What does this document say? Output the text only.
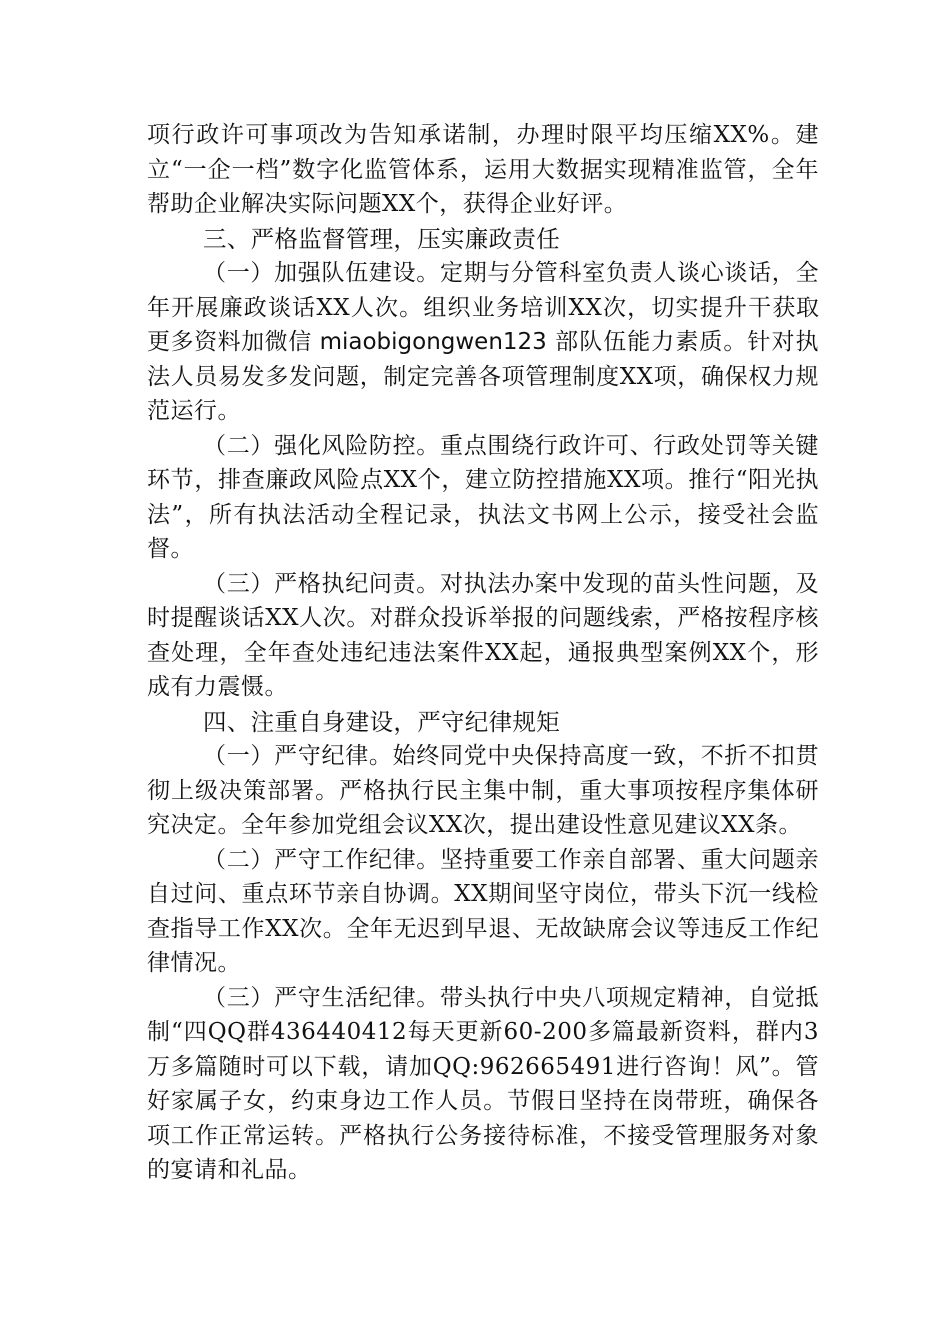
项行政许可事项改为告知承诺制，办理时限平均压缩XX%。建立“一企一档”数字化监管体系，运用大数据实现精准监管，全年帮助企业解决实际问题XX个，获得企业好评。

三、严格监督管理，压实廉政责任

（一）加强队伍建设。定期与分管科室负责人谈心谈话，全年开展廉政谈话XX人次。组织业务培训XX次，切实提升干获取更多资料加微信 miaobigongwen123 部队伍能力素质。针对执法人员易发多发问题，制定完善各项管理制度XX项，确保权力规范运行。

（二）强化风险防控。重点围绕行政许可、行政处罚等关键环节，排查廉政风险点XX个，建立防控措施XX项。推行“阳光执法”，所有执法活动全程记录，执法文书网上公示，接受社会监督。

（三）严格执纪问责。对执法办案中发现的苗头性问题，及时提醒谈话XX人次。对群众投诉举报的问题线索，严格按程序核查处理，全年查处违纪违法案件XX起，通报典型案例XX个，形成有力震慑。

四、注重自身建设，严守纪律规矩

（一）严守纪律。始终同党中央保持高度一致，不折不扣贯彻上级决策部署。严格执行民主集中制，重大事项按程序集体研究决定。全年参加党组会议XX次，提出建设性意见建议XX条。

（二）严守工作纪律。坚持重要工作亲自部署、重大问题亲自过问、重点环节亲自协调。XX期间坚守岗位，带头下沉一线检查指导工作XX次。全年无迟到早退、无故缺席会议等违反工作纪律情况。

（三）严守生活纪律。带头执行中央八项规定精神，自觉抵制“四QQ群436440412每天更新60-200多篇最新资料，群内3万多篇随时可以下载，请加QQ:962665491进行咨询！风”。管好家属子女，约束身边工作人员。节假日坚持在岗带班，确保各项工作正常运转。严格执行公务接待标准，不接受管理服务对象的宴请和礼品。
